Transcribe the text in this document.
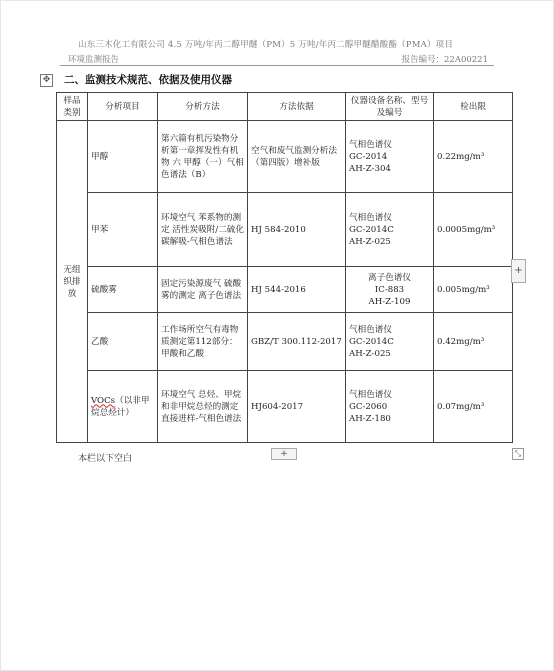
山东三木化工有限公司 4.5 万吨/年丙二醇甲醚（PM）5 万吨/年丙二醇甲醚醋酸酯（PMA）项目
环境监测报告	报告编号：22A00221
✥ 二、监测技术规范、依据及使用仪器
样品类别	分析项目	分析方法	方法依据	仪器设备名称、型号及编号	检出限
无组织排放	甲醇	第六篇有机污染物分析第一章挥发性有机物 六 甲醇（一）气相色谱法（B）	空气和废气监测分析法（第四版）增补版	气相色谱仪
GC-2014
AH-Z-304	0.22mg/m³
	甲苯	环境空气 苯系物的测定 活性炭吸附/二硫化碳解吸-气相色谱法	HJ 584-2010	气相色谱仪
GC-2014C
AH-Z-025	0.0005mg/m³
	硫酸雾	固定污染源废气 硫酸雾的测定 离子色谱法	HJ 544-2016	离子色谱仪
IC-883
AH-Z-109	0.005mg/m³
	乙酸	工作场所空气有毒物质测定第112部分：甲酸和乙酸	GBZ/T 300.112-2017	气相色谱仪
GC-2014C
AH-Z-025	0.42mg/m³
	VOCs（以非甲烷总烃计）	环境空气 总烃、甲烷和非甲烷总烃的测定 直接进样-气相色谱法	HJ604-2017	气相色谱仪
GC-2060
AH-Z-180	0.07mg/m³
+
+	⤡
本栏以下空白
